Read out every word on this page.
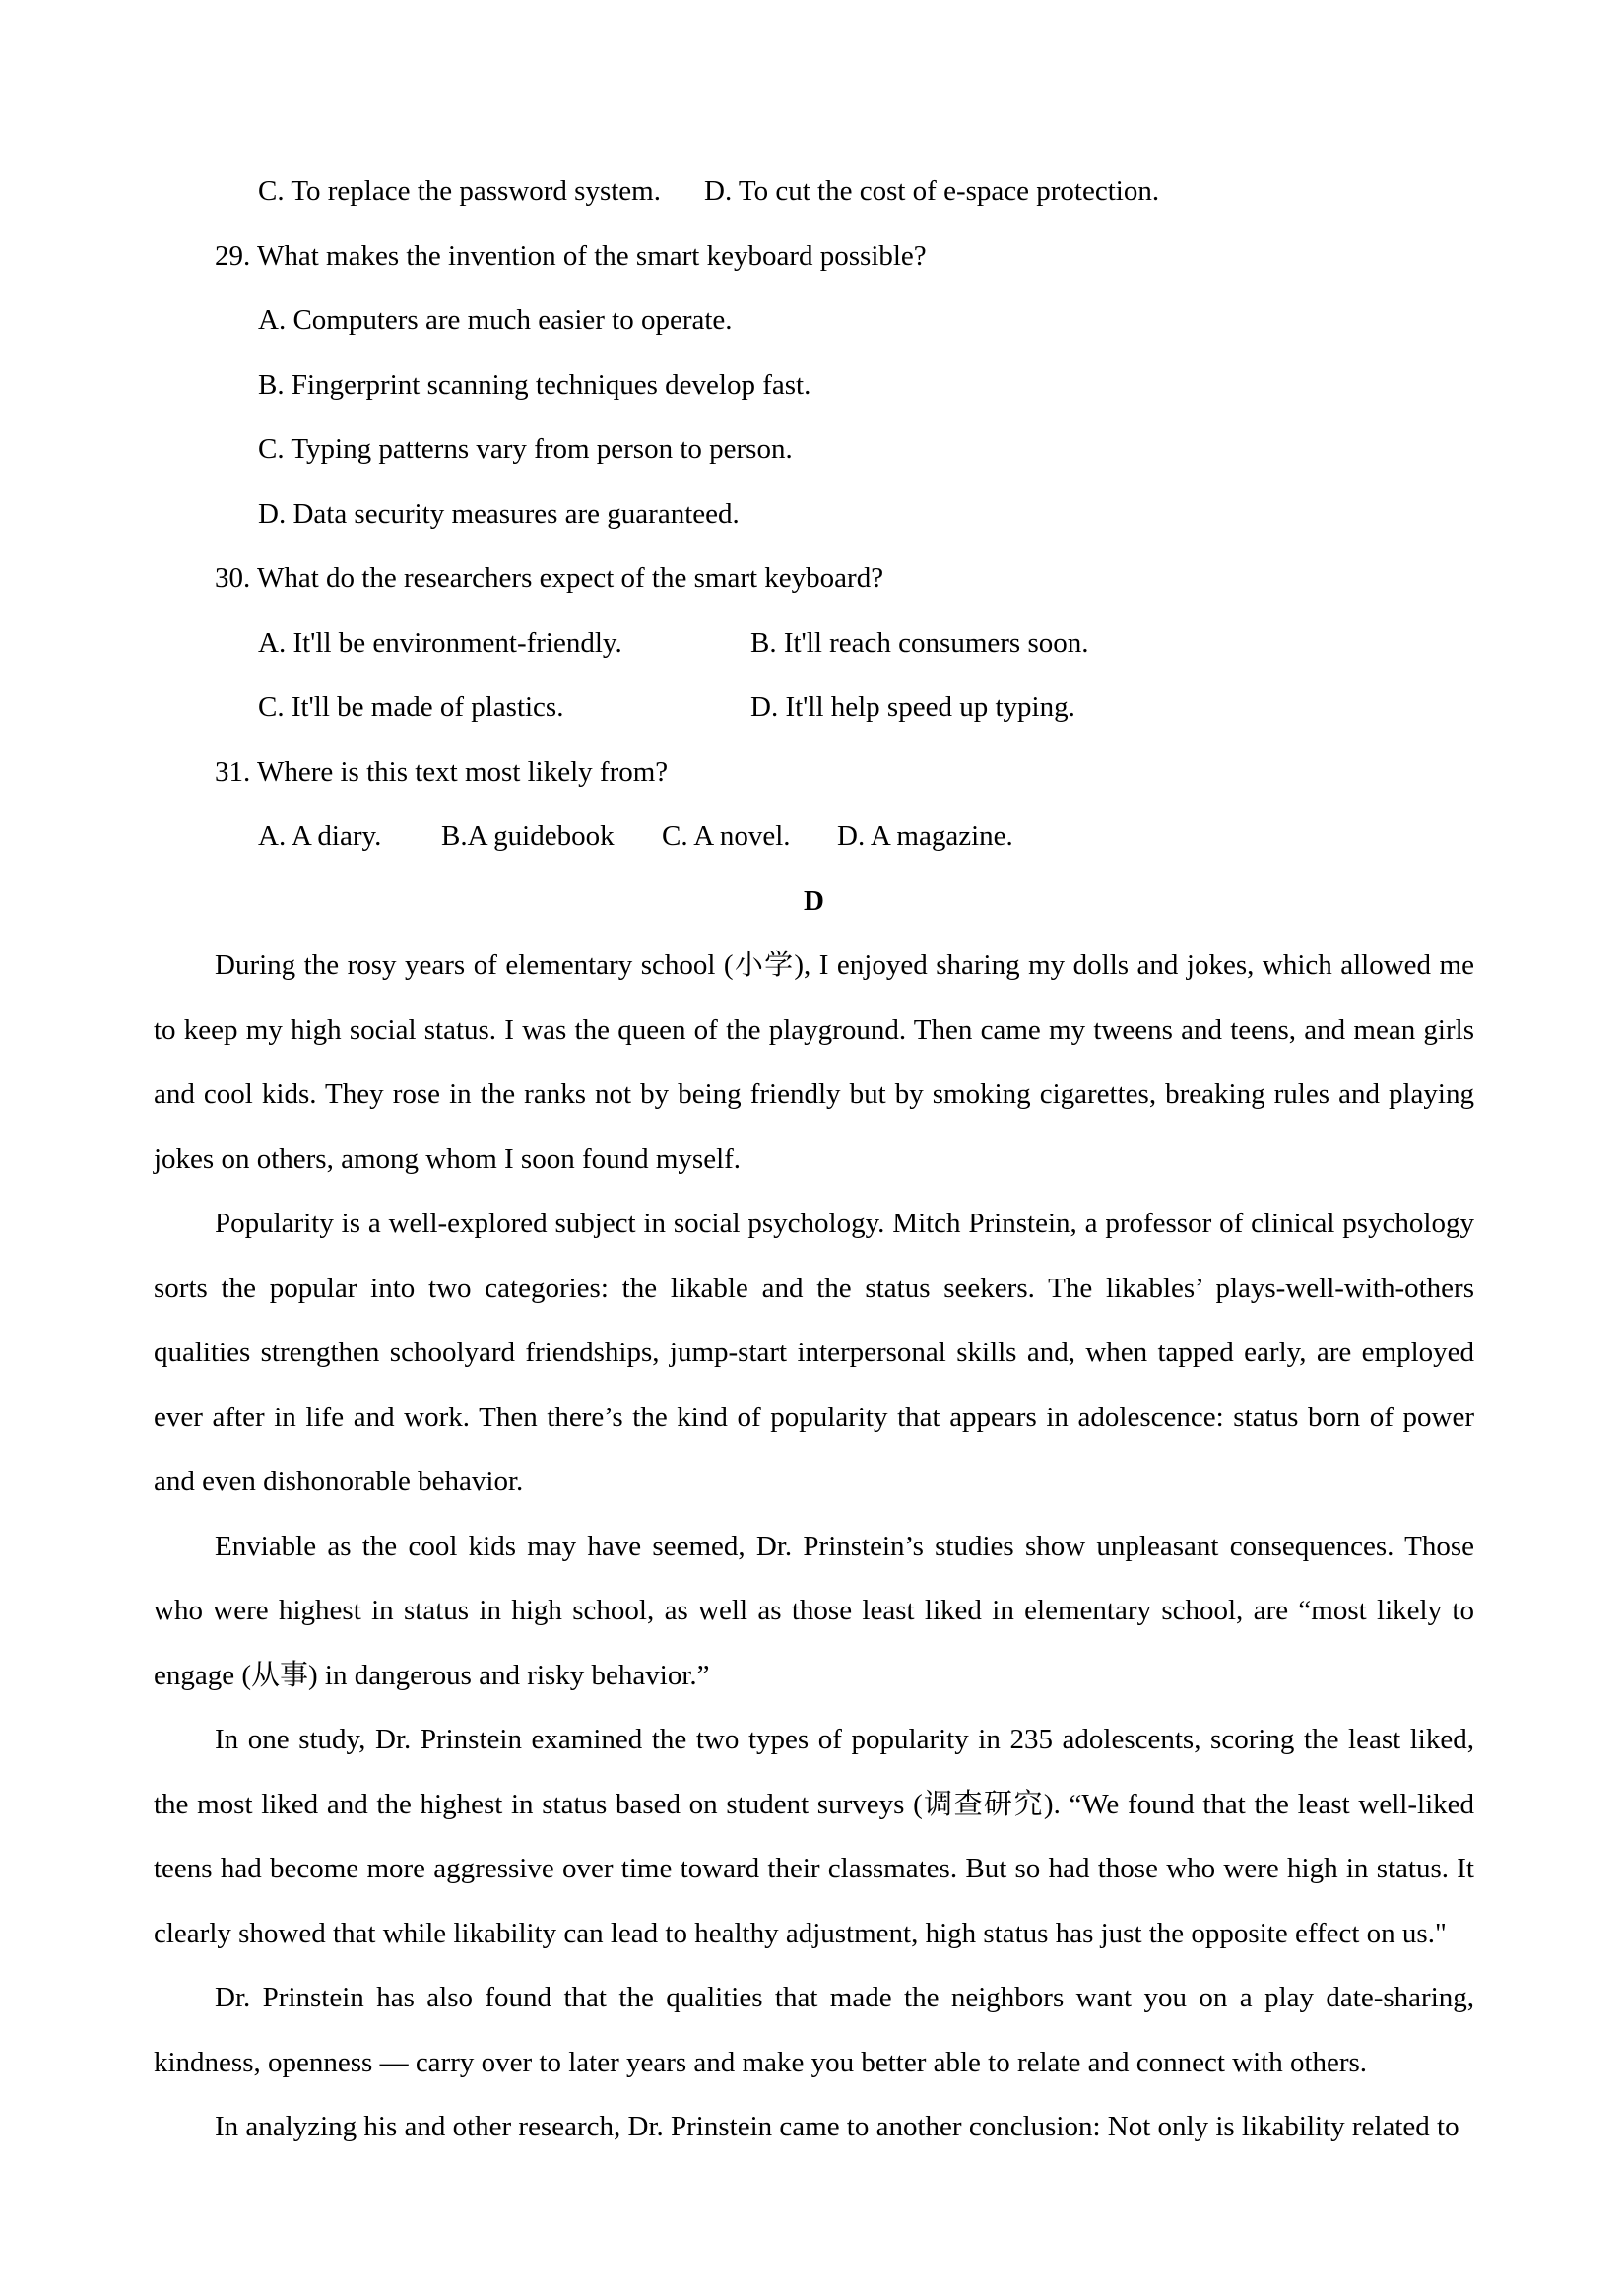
C. To replace the password system. D. To cut the cost of e-space protection.
29. What makes the invention of the smart keyboard possible?
A. Computers are much easier to operate.
B. Fingerprint scanning techniques develop fast.
C. Typing patterns vary from person to person.
D. Data security measures are guaranteed.
30. What do the researchers expect of the smart keyboard?
A. It'll be environment-friendly.	B. It'll reach consumers soon.
C. It'll be made of plastics.	D. It'll help speed up typing.
31. Where is this text most likely from?
A. A diary. B.A guidebook C. A novel. D. A magazine.
D

During the rosy years of elementary school (小学), I enjoyed sharing my dolls and jokes, which allowed me to keep my high social status. I was the queen of the playground. Then came my tweens and teens, and mean girls and cool kids. They rose in the ranks not by being friendly but by smoking cigarettes, breaking rules and playing jokes on others, among whom I soon found myself.

Popularity is a well-explored subject in social psychology. Mitch Prinstein, a professor of clinical psychology sorts the popular into two categories: the likable and the status seekers. The likables’ plays-well-with-others qualities strengthen schoolyard friendships, jump-start interpersonal skills and, when tapped early, are employed ever after in life and work. Then there’s the kind of popularity that appears in adolescence: status born of power and even dishonorable behavior.

Enviable as the cool kids may have seemed, Dr. Prinstein’s studies show unpleasant consequences. Those who were highest in status in high school, as well as those least liked in elementary school, are “most likely to engage (从事) in dangerous and risky behavior.”

In one study, Dr. Prinstein examined the two types of popularity in 235 adolescents, scoring the least liked, the most liked and the highest in status based on student surveys (调查研究). “We found that the least well-liked teens had become more aggressive over time toward their classmates. But so had those who were high in status. It clearly showed that while likability can lead to healthy adjustment, high status has just the opposite effect on us."

Dr. Prinstein has also found that the qualities that made the neighbors want you on a play date-sharing, kindness, openness — carry over to later years and make you better able to relate and connect with others.

In analyzing his and other research, Dr. Prinstein came to another conclusion: Not only is likability related to
